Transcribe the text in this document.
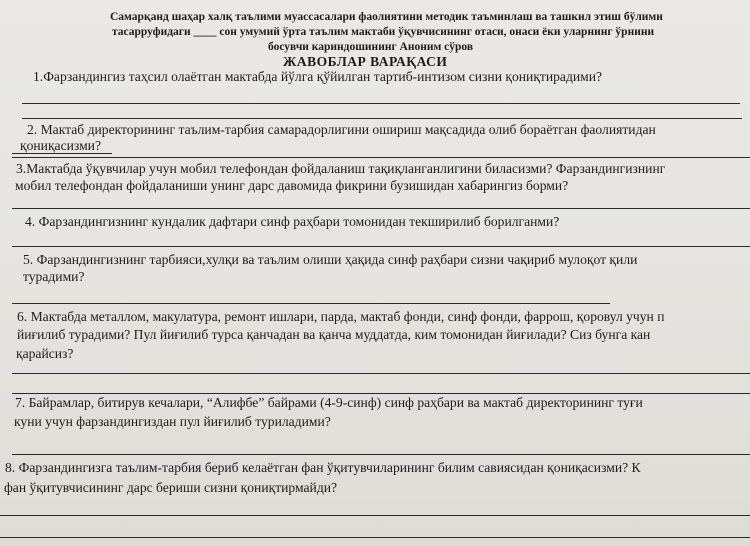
Самарқанд шаҳар халқ таълими муассасалари фаолиятини методик таъминлаш ва ташкил этиш бўлими
тасарруфидаги ____ сон умумий ўрта таълим мактаби ўқувчисининг отаси, онаси ёки уларнинг ўрнини
босувчи кариндошининг Аноним сўров
ЖАВОБЛАР ВАРАҚАСИ
1.Фарзандингиз таҳсил олаётган мактабда йўлга қўйилган тартиб-интизом сизни қониқтирадими?
2. Мактаб директорининг таълим-тарбия самарадорлигини ошириш мақсадида олиб бораётган фаолиятидан
қониқасизми?
3.Мактабда ўқувчилар учун мобил телефондан фойдаланиш тақиқланганлигини биласизми? Фарзандингизнинг
мобил телефондан фойдаланиши унинг дарс давомида фикрини бузишидан хабарингиз борми?
4. Фарзандингизнинг кундалик дафтари синф раҳбари томонидан текширилиб борилганми?
5. Фарзандингизнинг тарбияси,хулқи ва таълим олиши ҳақида синф раҳбари сизни чақириб мулоқот қили
турадими?
6. Мактабда металлом, макулатура, ремонт ишлари, парда, мактаб фонди, синф фонди, фаррош, қоровул учун п
йиғилиб турадими? Пул йиғилиб турса қанчадан ва қанча муддатда, ким томонидан йиғилади? Сиз бунга кан
қарайсиз?
7. Байрамлар, битирув кечалари, “Алифбе” байрами (4-9-синф) синф раҳбари ва мактаб директорининг туғи
куни учун фарзандингиздан пул йиғилиб туриладими?
8. Фарзандингизга таълим-тарбия бериб келаётган фан ўқитувчиларининг билим савиясидан қониқасизми? К
фан ўқитувчисининг дарс бериши сизни қониқтирмайди?
